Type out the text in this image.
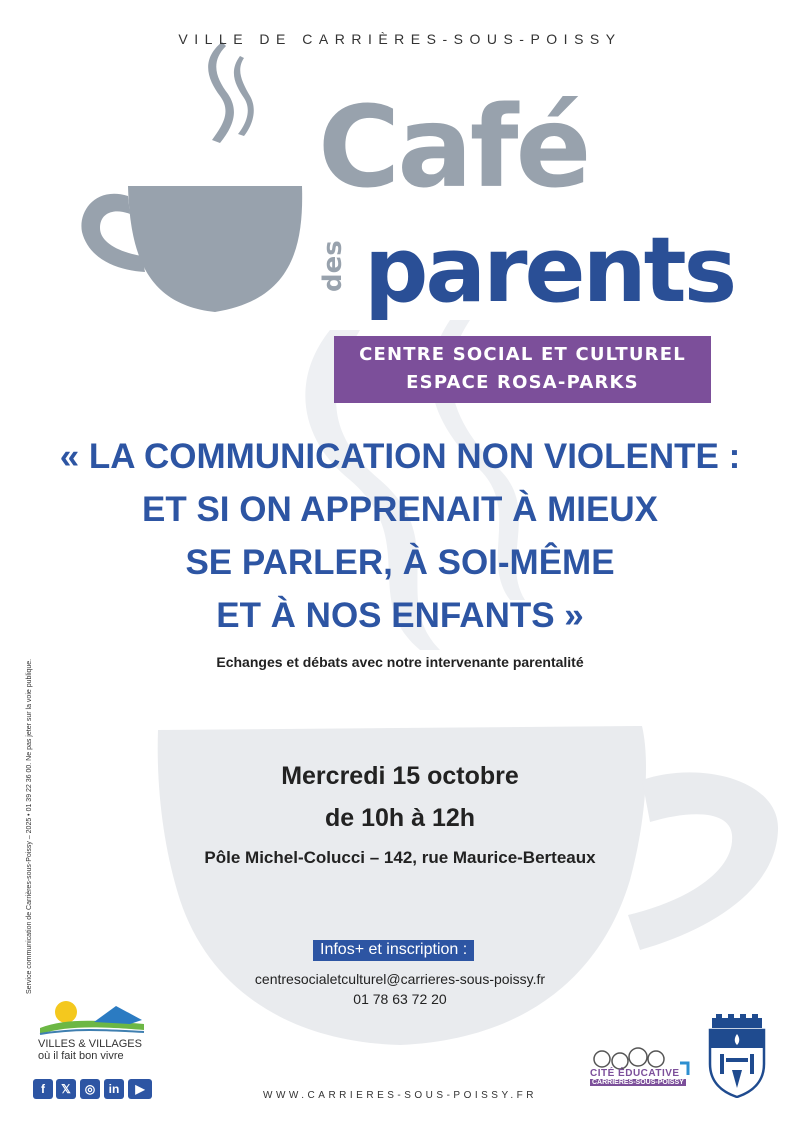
VILLE DE CARRIÈRES-SOUS-POISSY
Café
des parents
CENTRE SOCIAL ET CULTUREL
ESPACE ROSA-PARKS
« LA COMMUNICATION NON VIOLENTE :
ET SI ON APPRENAIT À MIEUX
SE PARLER, À SOI-MÊME
ET À NOS ENFANTS »
Echanges et débats avec notre intervenante parentalité
Mercredi 15 octobre
de 10h à 12h
Pôle Michel-Colucci – 142, rue Maurice-Berteaux
Infos+ et inscription :
centresocialetculturel@carrieres-sous-poissy.fr
01 78 63 72 20
Service communication de Carrières-sous-Poissy – 2025 • 01 39 22 36 00. Ne pas jeter sur la voie publique.
VILLES & VILLAGES
où il fait bon vivre
f	𝕏	◎	in	▶	WWW.CARRIERES-SOUS-POISSY.FR
CITÉ ÉDUCATIVE
CARRIÈRES-SOUS-POISSY
